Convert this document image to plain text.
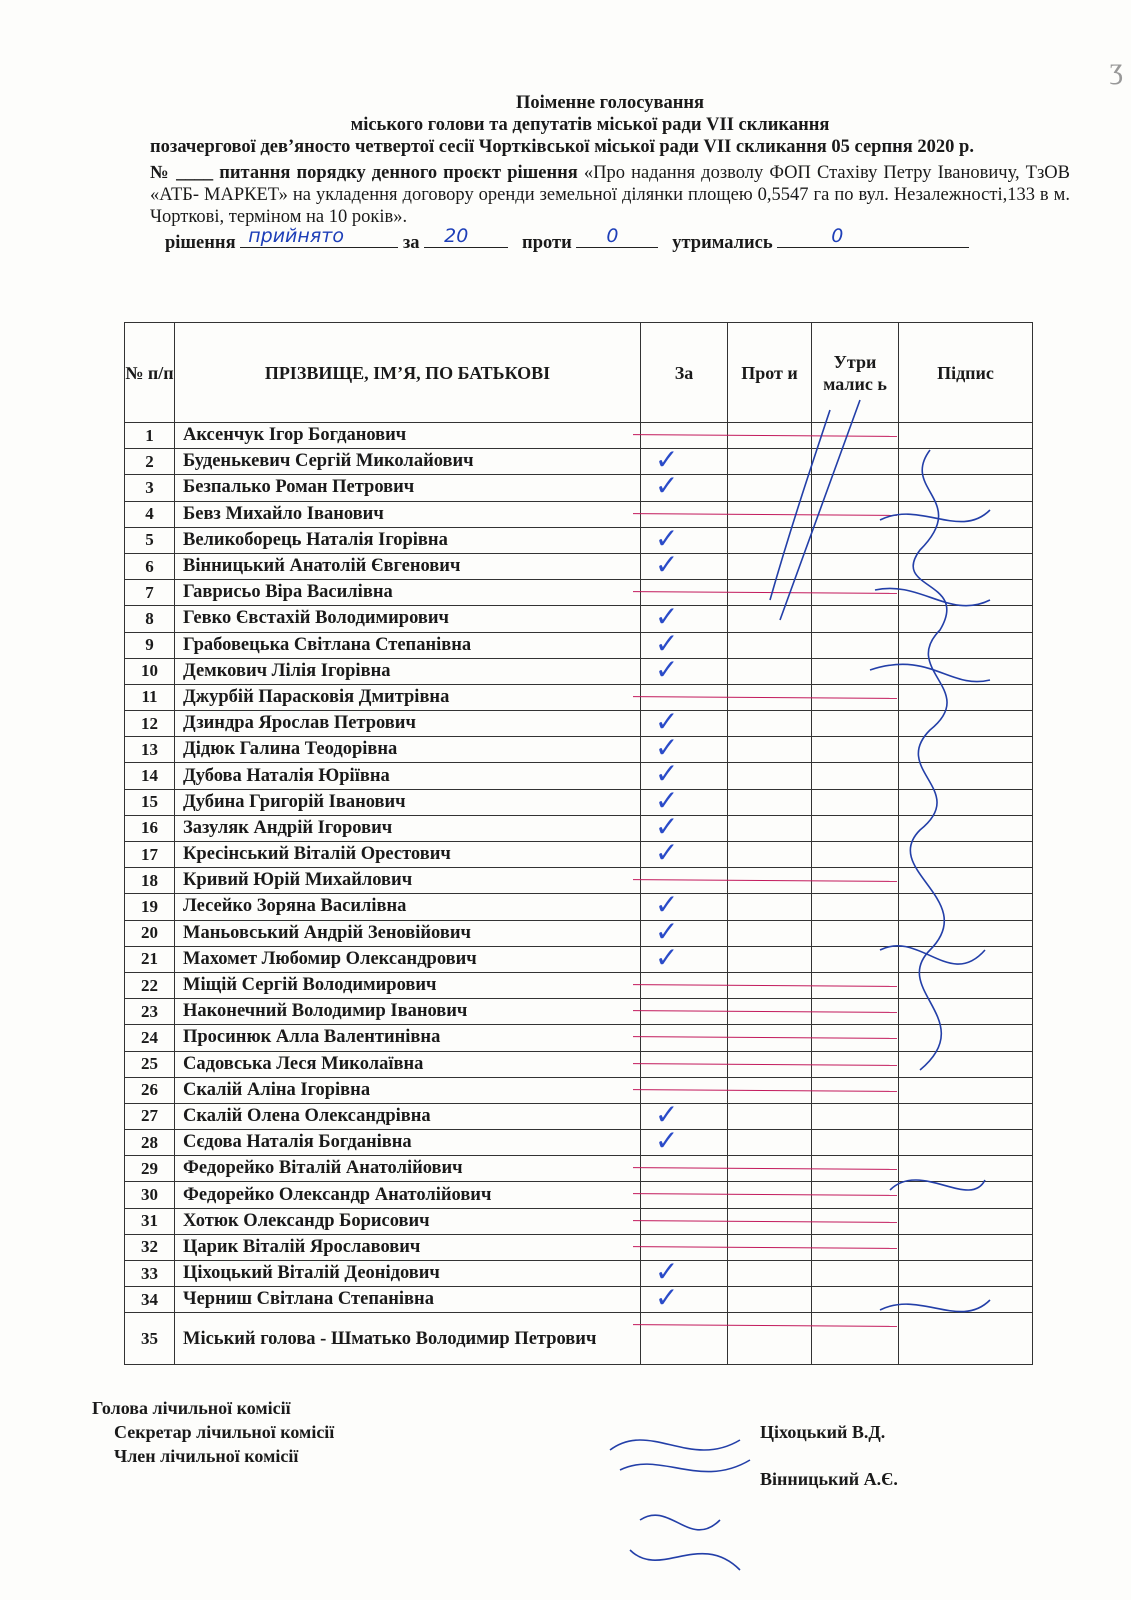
ʒ
Поіменне голосування
міського голови та депутатів міської ради VII скликання
позачергової дев’яносто четвертої сесії Чортківської міської ради VII скликання 05 серпня 2020 р.
№ ____ питання порядку денного проєкт рішення «Про надання дозволу ФОП Стахіву Петру Івановичу, ТзОВ «АТБ- МАРКЕТ» на укладення договору оренди земельної ділянки площею 0,5547 га по вул. Незалежності,133 в м. Чорткові, терміном на 10 років».
рішення прийнято	за 20	проти 0	утримались	0
№ п/п	ПРІЗВИЩЕ, ІМ’Я, ПО БАТЬКОВІ	За	Прот и	Утри малис ь	Підпис
1	Аксенчук Ігор Богданович	

2	Буденькевич Сергій Миколайович	✓			

3	Безпалько Роман Петрович	✓			

4	Бевз Михайло Іванович	

5	Великоборець Наталія Ігорівна	✓			

6	Вінницький Анатолій Євгенович	✓			

7	Гаврисьо Віра Василівна	

8	Гевко Євстахій Володимирович	✓			

9	Грабовецька Світлана Степанівна	✓			

10	Демкович Лілія Ігорівна	✓			

11	Джурбій Парасковія Дмитрівна	

12	Дзиндра Ярослав Петрович	✓			

13	Дідюк Галина Теодорівна	✓			

14	Дубова Наталія Юріївна	✓			

15	Дубина Григорій Іванович	✓			

16	Зазуляк Андрій Ігорович	✓			

17	Кресінський Віталій Орестович	✓			

18	Кривий Юрій Михайлович	

19	Лесейко Зоряна Василівна	✓			

20	Маньовський Андрій Зеновійович	✓			

21	Махомет Любомир Олександрович	✓			

22	Міщій Сергій Володимирович	

23	Наконечний Володимир Іванович	

24	Просинюк Алла Валентинівна	

25	Садовська Леся Миколаївна	

26	Скалій Аліна Ігорівна	

27	Скалій Олена Олександрівна	✓			

28	Сєдова Наталія Богданівна	✓			

29	Федорейко Віталій Анатолійович	

30	Федорейко Олександр Анатолійович	

31	Хотюк Олександр Борисович	

32	Царик Віталій Ярославович	

33	Ціхоцький Віталій Деонідович	✓			

34	Черниш Світлана Степанівна	✓			

35	Міський голова - Шматько Володимир Петрович	

Голова лічильної комісії
Секретар лічильної комісії
Член лічильної комісії
Ціхоцький В.Д.
Вінницький А.Є.
